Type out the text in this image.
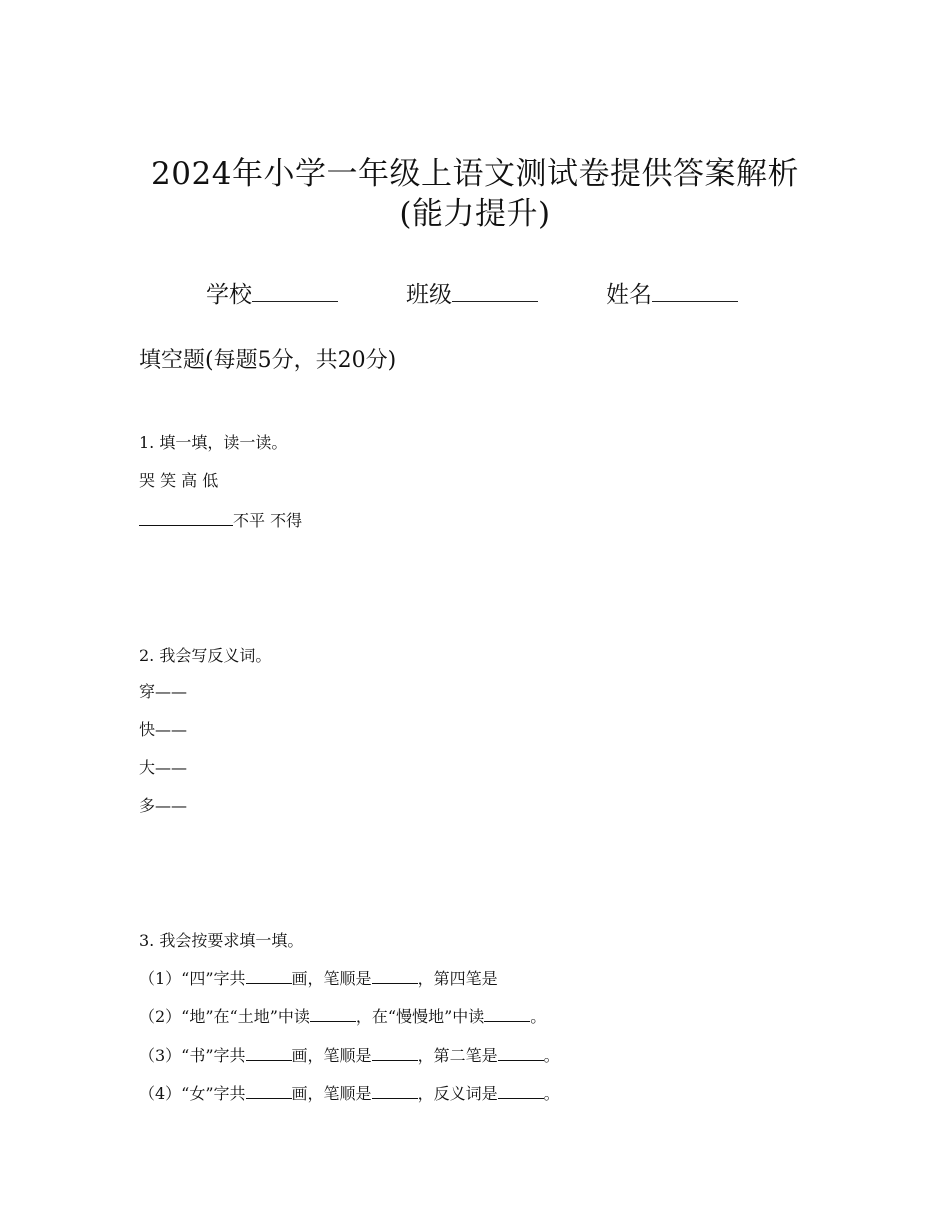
2024年小学一年级上语文测试卷提供答案解析
(能力提升)
学校	班级	姓名
填空题(每题5分，共20分)
1. 填一填，读一读。
哭 笑 高 低
不平 不得
2. 我会写反义词。
穿——
快——
大——
多——
3. 我会按要求填一填。
（1）“四”字共	画，笔顺是	，第四笔是
（2）“地”在“土地”中读	，在“慢慢地”中读	。
（3）“书”字共	画，笔顺是	，第二笔是	。
（4）“女”字共	画，笔顺是	，反义词是	。
